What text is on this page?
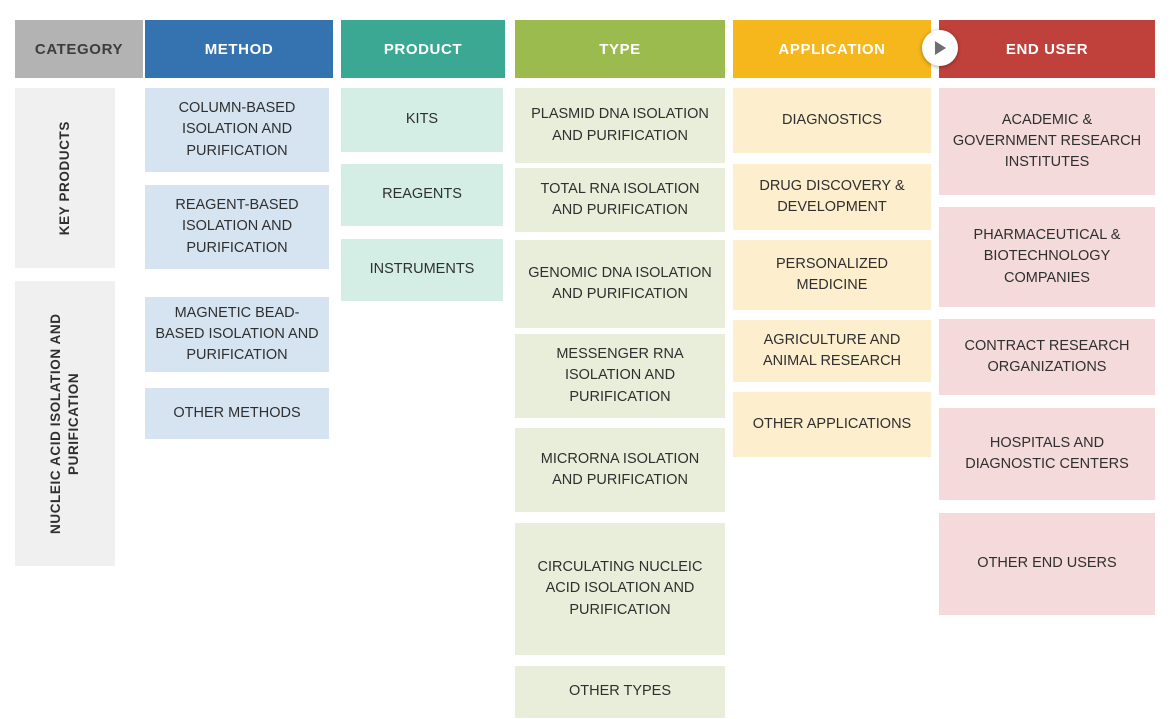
CATEGORY
KEY PRODUCTS
NUCLEIC ACID ISOLATION AND PURIFICATION
METHOD
COLUMN-BASED ISOLATION AND PURIFICATION
REAGENT-BASED ISOLATION AND PURIFICATION
MAGNETIC BEAD-BASED ISOLATION AND PURIFICATION
OTHER METHODS
PRODUCT
KITS
REAGENTS
INSTRUMENTS
TYPE
PLASMID DNA ISOLATION AND PURIFICATION
TOTAL RNA ISOLATION AND PURIFICATION
GENOMIC DNA ISOLATION AND PURIFICATION
MESSENGER RNA ISOLATION AND PURIFICATION
MICRORNA ISOLATION AND PURIFICATION
CIRCULATING NUCLEIC ACID ISOLATION AND PURIFICATION
OTHER TYPES
APPLICATION
DIAGNOSTICS
DRUG DISCOVERY & DEVELOPMENT
PERSONALIZED MEDICINE
AGRICULTURE AND ANIMAL RESEARCH
OTHER APPLICATIONS
END USER
ACADEMIC & GOVERNMENT RESEARCH INSTITUTES
PHARMACEUTICAL & BIOTECHNOLOGY COMPANIES
CONTRACT RESEARCH ORGANIZATIONS
HOSPITALS AND DIAGNOSTIC CENTERS
OTHER END USERS
